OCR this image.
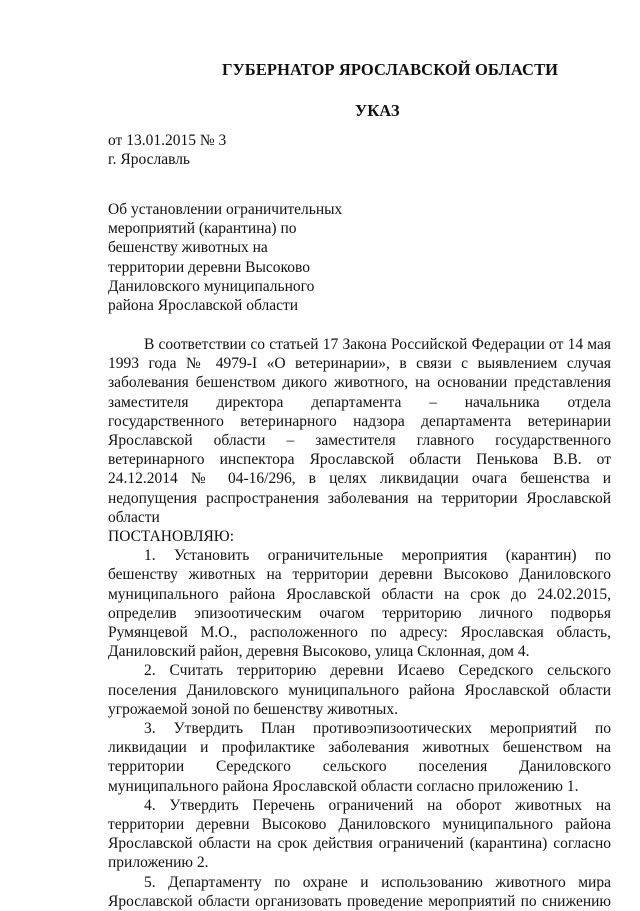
ГУБЕРНАТОР ЯРОСЛАВСКОЙ ОБЛАСТИ
УКАЗ
от 13.01.2015 № 3
г. Ярославль
Об установлении ограничительных
мероприятий (карантина) по
бешенству животных на
территории деревни Высоково
Даниловского муниципального
района Ярославской области

В соответствии со статьей 17 Закона Российской Федерации от 14 мая 1993 года № 4979-I «О ветеринарии», в связи с выявлением случая заболевания бешенством дикого животного, на основании представления заместителя директора департамента – начальника отдела государственного ветеринарного надзора департамента ветеринарии Ярославской области – заместителя главного государственного ветеринарного инспектора Ярославской области Пенькова В.В. от 24.12.2014 № 04-16/296, в целях ликвидации очага бешенства и недопущения распространения заболевания на территории Ярославской области

ПОСТАНОВЛЯЮ:

1. Установить ограничительные мероприятия (карантин) по бешенству животных на территории деревни Высоково Даниловского муниципального района Ярославской области на срок до 24.02.2015, определив эпизоотическим очагом территорию личного подворья Румянцевой М.О., расположенного по адресу: Ярославская область, Даниловский район, деревня Высоково, улица Склонная, дом 4.

2. Считать территорию деревни Исаево Середского сельского поселения Даниловского муниципального района Ярославской области угрожаемой зоной по бешенству животных.

3. Утвердить План противоэпизоотических мероприятий по ликвидации и профилактике заболевания животных бешенством на территории Середского сельского поселения Даниловского муниципального района Ярославской области согласно приложению 1.

4. Утвердить Перечень ограничений на оборот животных на территории деревни Высоково Даниловского муниципального района Ярославской области на срок действия ограничений (карантина) согласно приложению 2.

5. Департаменту по охране и использованию животного мира Ярославской области организовать проведение мероприятий по снижению
